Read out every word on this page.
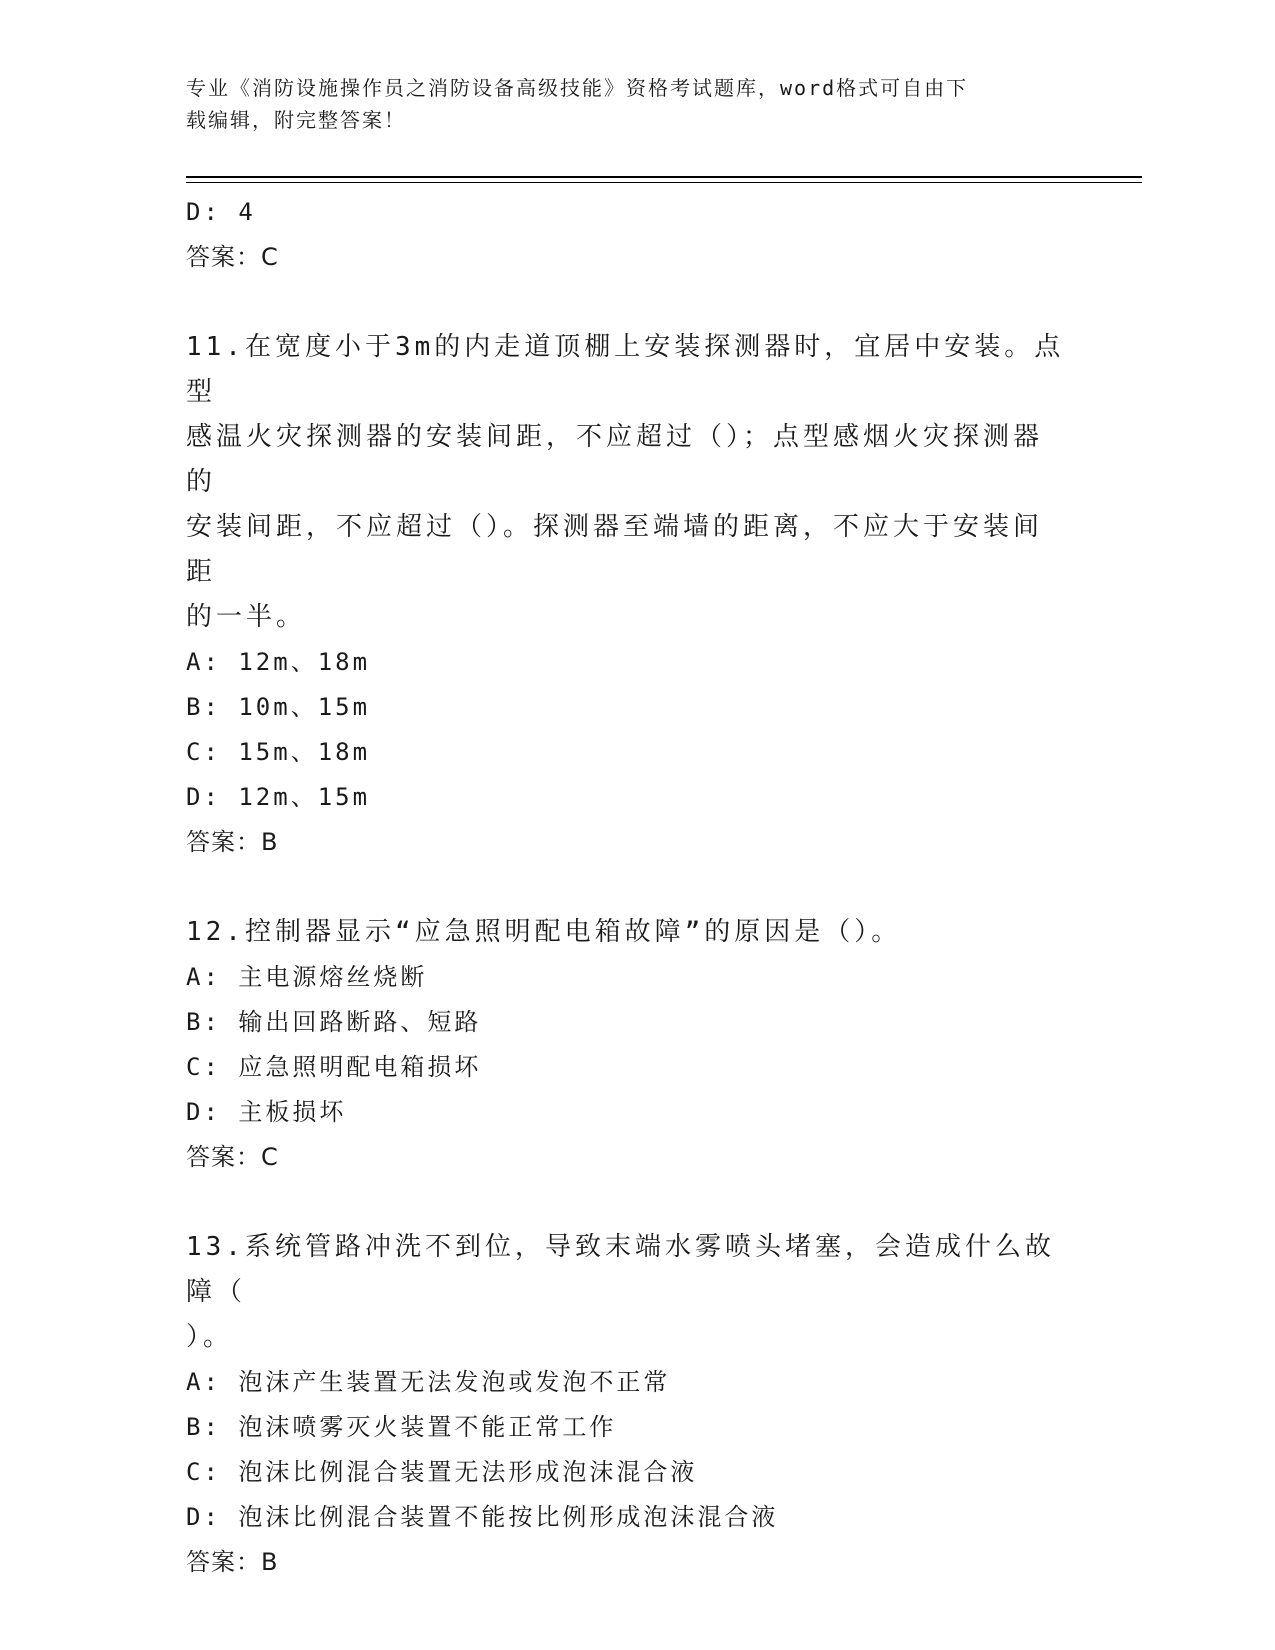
专业《消防设施操作员之消防设备高级技能》资格考试题库，word格式可自由下
载编辑，附完整答案！
D: 4
答案：C
11.在宽度小于3m的内走道顶棚上安装探测器时，宜居中安装。点型
感温火灾探测器的安装间距，不应超过（）；点型感烟火灾探测器的
安装间距，不应超过（）。探测器至端墙的距离，不应大于安装间距
的一半。
A: 12m、18m
B: 10m、15m
C: 15m、18m
D: 12m、15m
答案：B
12.控制器显示“应急照明配电箱故障”的原因是（）。
A: 主电源熔丝烧断
B: 输出回路断路、短路
C: 应急照明配电箱损坏
D: 主板损坏
答案：C
13.系统管路冲洗不到位，导致末端水雾喷头堵塞，会造成什么故障（
）。
A: 泡沫产生装置无法发泡或发泡不正常
B: 泡沫喷雾灭火装置不能正常工作
C: 泡沫比例混合装置无法形成泡沫混合液
D: 泡沫比例混合装置不能按比例形成泡沫混合液
答案：B
